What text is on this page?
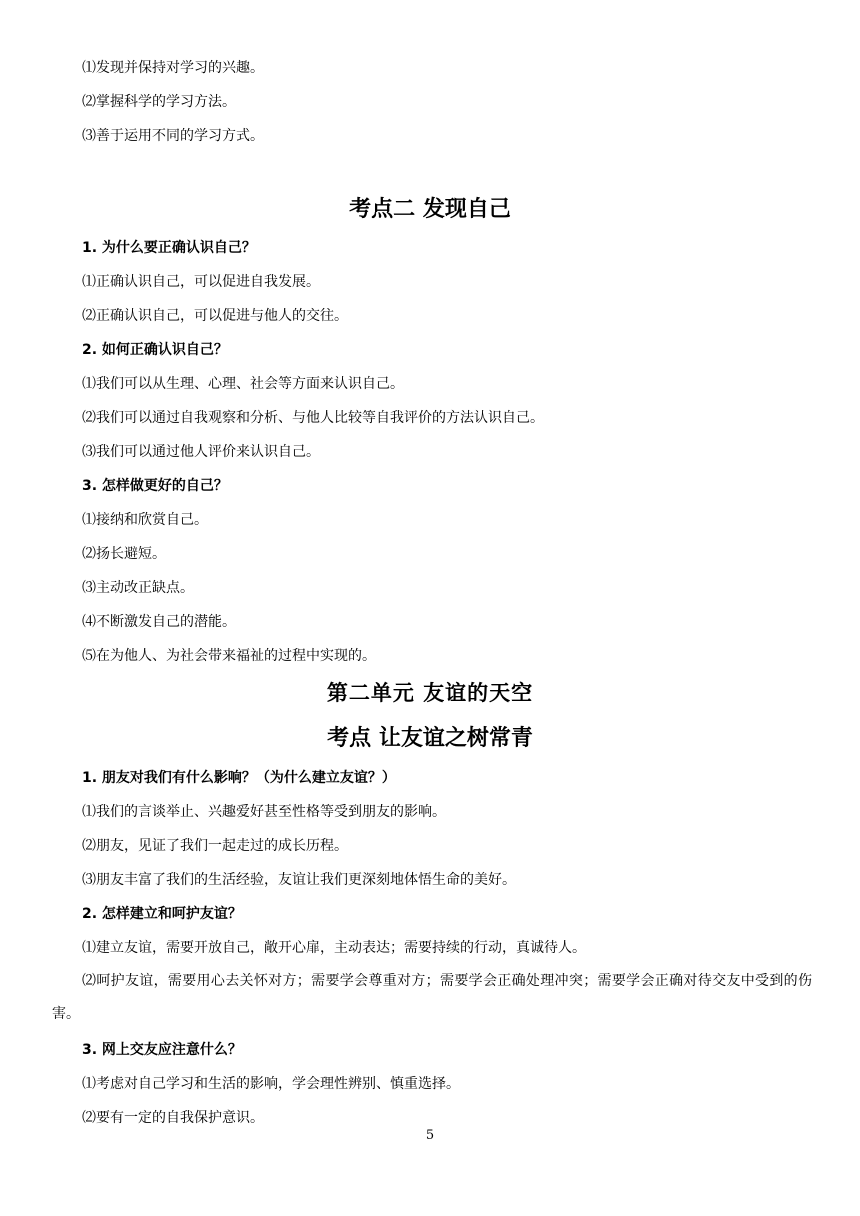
⑴发现并保持对学习的兴趣。
⑵掌握科学的学习方法。
⑶善于运用不同的学习方式。
考点二 发现自己
1. 为什么要正确认识自己？
⑴正确认识自己，可以促进自我发展。
⑵正确认识自己，可以促进与他人的交往。
2. 如何正确认识自己？
⑴我们可以从生理、心理、社会等方面来认识自己。
⑵我们可以通过自我观察和分析、与他人比较等自我评价的方法认识自己。
⑶我们可以通过他人评价来认识自己。
3. 怎样做更好的自己？
⑴接纳和欣赏自己。
⑵扬长避短。
⑶主动改正缺点。
⑷不断激发自己的潜能。
⑸在为他人、为社会带来福祉的过程中实现的。
第二单元 友谊的天空
考点 让友谊之树常青
1. 朋友对我们有什么影响？（为什么建立友谊？）
⑴我们的言谈举止、兴趣爱好甚至性格等受到朋友的影响。
⑵朋友，见证了我们一起走过的成长历程。
⑶朋友丰富了我们的生活经验，友谊让我们更深刻地体悟生命的美好。
2. 怎样建立和呵护友谊？
⑴建立友谊，需要开放自己，敞开心扉，主动表达；需要持续的行动，真诚待人。
⑵呵护友谊，需要用心去关怀对方；需要学会尊重对方；需要学会正确处理冲突；需要学会正确对待交友中受到的伤害。
3. 网上交友应注意什么？
⑴考虑对自己学习和生活的影响，学会理性辨别、慎重选择。
⑵要有一定的自我保护意识。
5
